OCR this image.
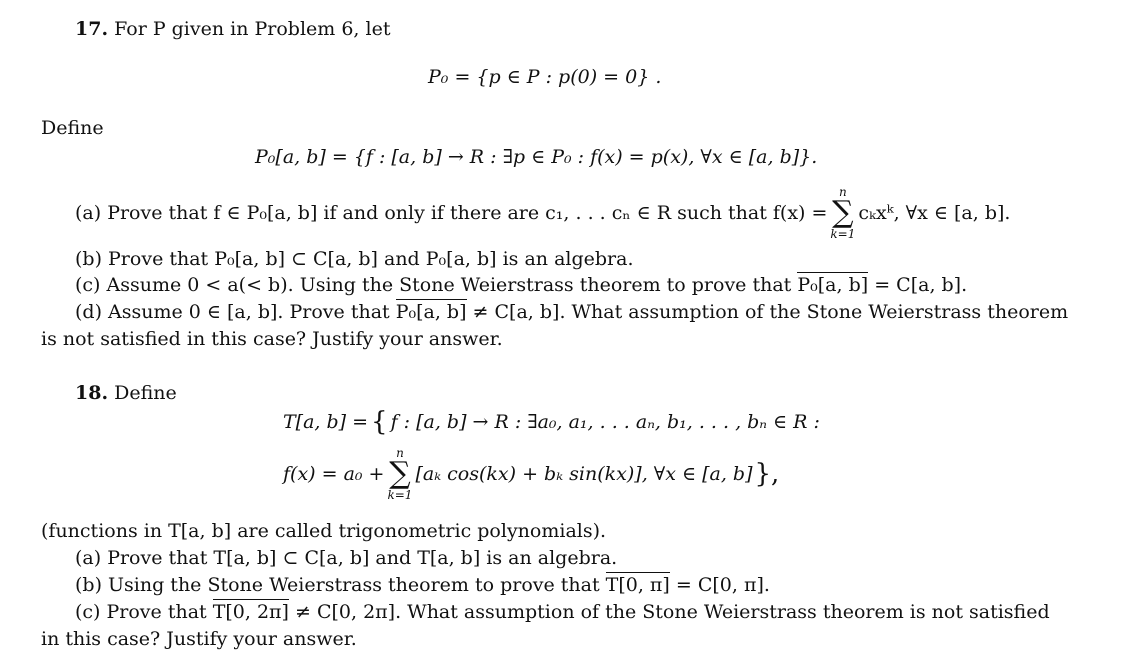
17. For P given in Problem 6, let
P₀ = {p ∈ P : p(0) = 0} .
Define
P₀[a, b] = {f : [a, b] → R : ∃p ∈ P₀ : f(x) = p(x), ∀x ∈ [a, b]}.
(a) Prove that f ∈ P₀[a, b] if and only if there are c₁, . . . cₙ ∈ R such that f(x) =
n
∑
k=1
cₖxᵏ, ∀x ∈ [a, b].
(b) Prove that P₀[a, b] ⊂ C[a, b] and P₀[a, b] is an algebra.
(c) Assume 0 < a(< b). Using the Stone Weierstrass theorem to prove that P₀[a, b] = C[a, b].
(d) Assume 0 ∈ [a, b]. Prove that P₀[a, b] ≠ C[a, b]. What assumption of the Stone Weierstrass theorem
is not satisfied in this case? Justify your answer.
18. Define
T[a, b] = { f : [a, b] → R : ∃a₀, a₁, . . . aₙ, b₁, . . . , bₙ ∈ R :
f(x) = a₀ +
n
∑
k=1
[aₖ cos(kx) + bₖ sin(kx)], ∀x ∈ [a, b] },
(functions in T[a, b] are called trigonometric polynomials).
(a) Prove that T[a, b] ⊂ C[a, b] and T[a, b] is an algebra.
(b) Using the Stone Weierstrass theorem to prove that T[0, π] = C[0, π].
(c) Prove that T[0, 2π] ≠ C[0, 2π]. What assumption of the Stone Weierstrass theorem is not satisfied
in this case? Justify your answer.
